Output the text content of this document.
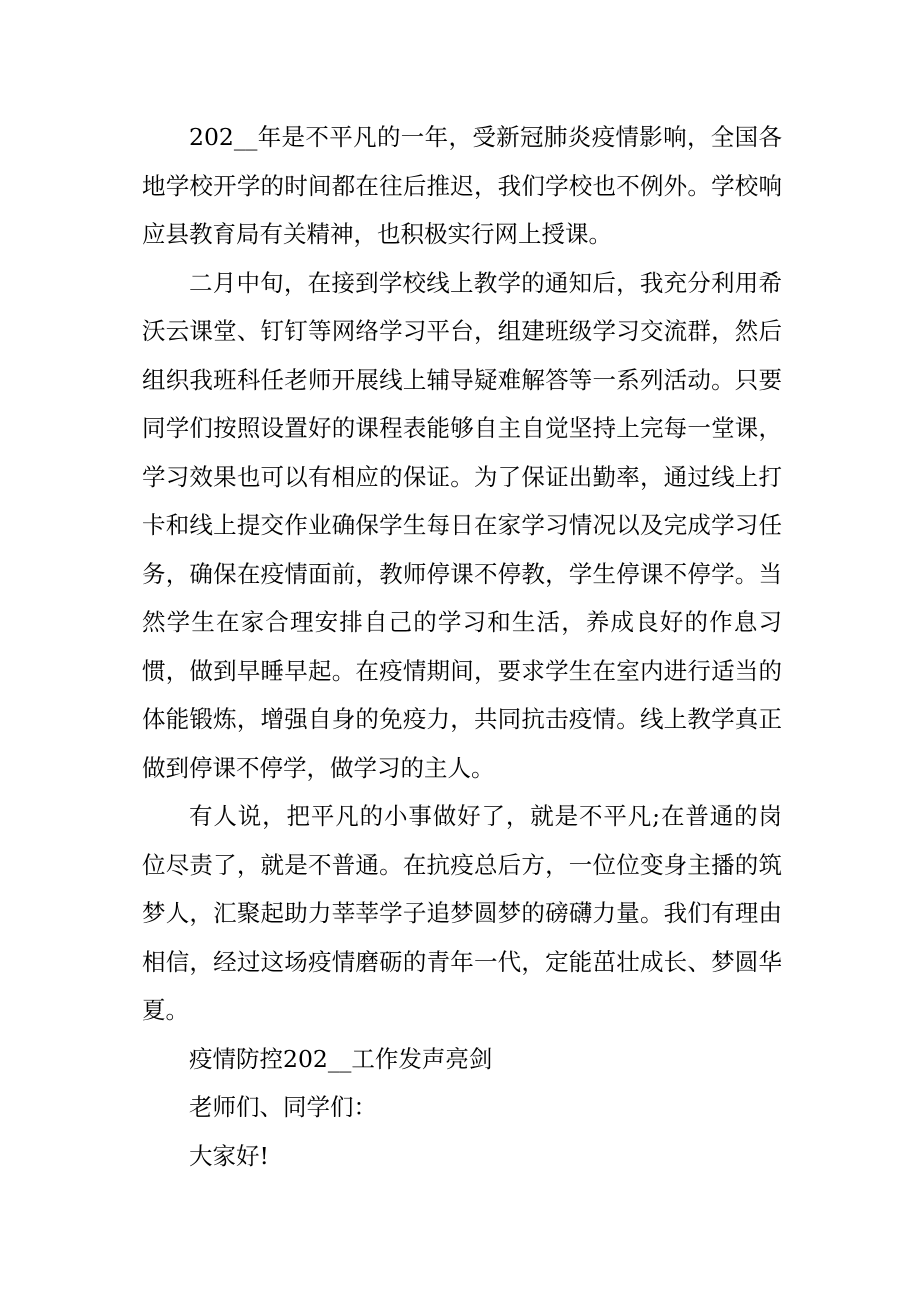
202__年是不平凡的一年，受新冠肺炎疫情影响，全国各地学校开学的时间都在往后推迟，我们学校也不例外。学校响应县教育局有关精神，也积极实行网上授课。

二月中旬，在接到学校线上教学的通知后，我充分利用希沃云课堂、钉钉等网络学习平台，组建班级学习交流群，然后组织我班科任老师开展线上辅导疑难解答等一系列活动。只要同学们按照设置好的课程表能够自主自觉坚持上完每一堂课，学习效果也可以有相应的保证。为了保证出勤率，通过线上打卡和线上提交作业确保学生每日在家学习情况以及完成学习任务，确保在疫情面前，教师停课不停教，学生停课不停学。当然学生在家合理安排自己的学习和生活，养成良好的作息习惯，做到早睡早起。在疫情期间，要求学生在室内进行适当的体能锻炼，增强自身的免疫力，共同抗击疫情。线上教学真正做到停课不停学，做学习的主人。

有人说，把平凡的小事做好了，就是不平凡;在普通的岗位尽责了，就是不普通。在抗疫总后方，一位位变身主播的筑梦人，汇聚起助力莘莘学子追梦圆梦的磅礴力量。我们有理由相信，经过这场疫情磨砺的青年一代，定能茁壮成长、梦圆华夏。

疫情防控202__工作发声亮剑

老师们、同学们：

大家好!
